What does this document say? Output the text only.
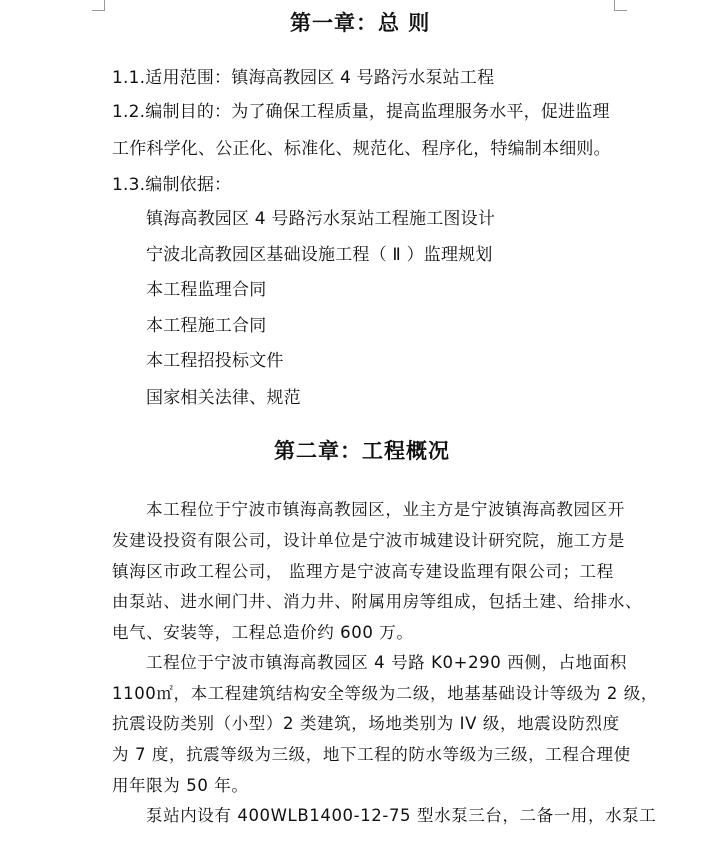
第一章：总 则
1.1.适用范围：镇海高教园区 4 号路污水泵站工程
1.2.编制目的：为了确保工程质量，提高监理服务水平，促进监理
工作科学化、公正化、标准化、规范化、程序化，特编制本细则。
1.3.编制依据：
镇海高教园区 4 号路污水泵站工程施工图设计
宁波北高教园区基础设施工程（ Ⅱ ）监理规划
本工程监理合同
本工程施工合同
本工程招投标文件
国家相关法律、规范
第二章：工程概况
本工程位于宁波市镇海高教园区，业主方是宁波镇海高教园区开
发建设投资有限公司，设计单位是宁波市城建设计研究院，施工方是
镇海区市政工程公司， 监理方是宁波高专建设监理有限公司；工程
由泵站、进水闸门井、消力井、附属用房等组成，包括土建、给排水、
电气、安装等，工程总造价约 600 万。
工程位于宁波市镇海高教园区 4 号路 K0+290 西侧，占地面积
1100㎡，本工程建筑结构安全等级为二级，地基基础设计等级为 2 级，
抗震设防类别（小型）2 类建筑，场地类别为 IV 级，地震设防烈度
为 7 度，抗震等级为三级，地下工程的防水等级为三级，工程合理使
用年限为 50 年。
泵站内设有 400WLB1400-12-75 型水泵三台，二备一用，水泵工
